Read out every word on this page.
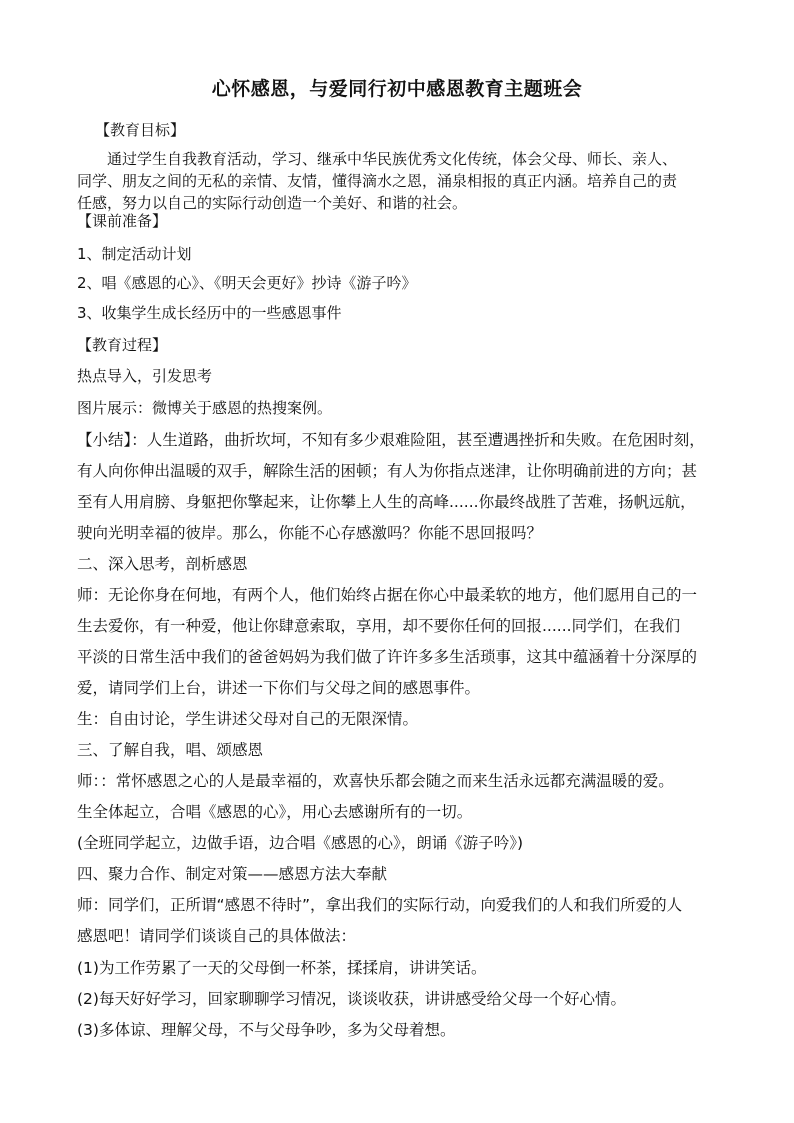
心怀感恩，与爱同行初中感恩教育主题班会
【教育目标】
　　通过学生自我教育活动，学习、继承中华民族优秀文化传统，体会父母、师长、亲人、
同学、朋友之间的无私的亲情、友情，懂得滴水之恩，涌泉相报的真正内涵。培养自己的责
任感，努力以自己的实际行动创造一个美好、和谐的社会。
【课前准备】
1、制定活动计划
2、唱《感恩的心》、《明天会更好》抄诗《游子吟》
3、收集学生成长经历中的一些感恩事件
【教育过程】
热点导入，引发思考
图片展示：微博关于感恩的热搜案例。
【小结】：人生道路，曲折坎坷，不知有多少艰难险阻，甚至遭遇挫折和失败。在危困时刻，
有人向你伸出温暖的双手，解除生活的困顿；有人为你指点迷津，让你明确前进的方向；甚
至有人用肩膀、身躯把你擎起来，让你攀上人生的高峰......你最终战胜了苦难，扬帆远航，
驶向光明幸福的彼岸。那么，你能不心存感激吗？你能不思回报吗？
二、深入思考，剖析感恩
师：无论你身在何地，有两个人，他们始终占据在你心中最柔软的地方，他们愿用自己的一
生去爱你，有一种爱，他让你肆意索取，享用，却不要你任何的回报......同学们，在我们
平淡的日常生活中我们的爸爸妈妈为我们做了许许多多生活琐事，这其中蕴涵着十分深厚的
爱，请同学们上台，讲述一下你们与父母之间的感恩事件。
生：自由讨论，学生讲述父母对自己的无限深情。
三、了解自我，唱、颂感恩
师：：常怀感恩之心的人是最幸福的，欢喜快乐都会随之而来生活永远都充满温暖的爱。
生全体起立，合唱《感恩的心》，用心去感谢所有的一切。
(全班同学起立，边做手语，边合唱《感恩的心》，朗诵《游子吟》)
四、聚力合作、制定对策——感恩方法大奉献
师：同学们，正所谓“感恩不待时”，拿出我们的实际行动，向爱我们的人和我们所爱的人
感恩吧！请同学们谈谈自己的具体做法：
(1)为工作劳累了一天的父母倒一杯茶，揉揉肩，讲讲笑话。
(2)每天好好学习，回家聊聊学习情况，谈谈收获，讲讲感受给父母一个好心情。
(3)多体谅、理解父母，不与父母争吵，多为父母着想。
